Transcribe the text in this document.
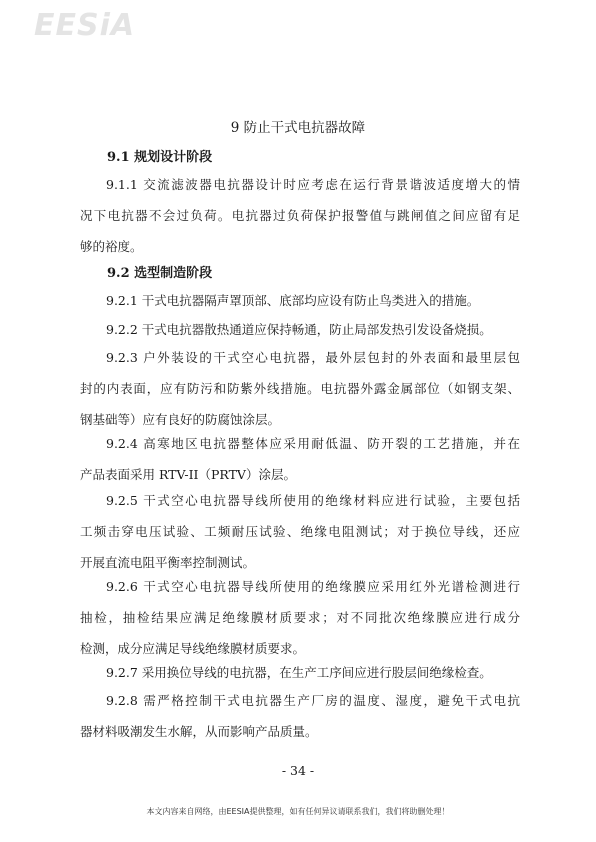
EESiA
9 防止干式电抗器故障
9.1 规划设计阶段
9.1.1 交流滤波器电抗器设计时应考虑在运行背景谐波适度增大的情
况下电抗器不会过负荷。电抗器过负荷保护报警值与跳闸值之间应留有足
够的裕度。
9.2 选型制造阶段
9.2.1 干式电抗器隔声罩顶部、底部均应设有防止鸟类进入的措施。
9.2.2 干式电抗器散热通道应保持畅通，防止局部发热引发设备烧损。
9.2.3 户外装设的干式空心电抗器，最外层包封的外表面和最里层包
封的内表面，应有防污和防紫外线措施。电抗器外露金属部位（如钢支架、
钢基础等）应有良好的防腐蚀涂层。
9.2.4 高寒地区电抗器整体应采用耐低温、防开裂的工艺措施，并在
产品表面采用 RTV-II（PRTV）涂层。
9.2.5 干式空心电抗器导线所使用的绝缘材料应进行试验，主要包括
工频击穿电压试验、工频耐压试验、绝缘电阻测试；对于换位导线，还应
开展直流电阻平衡率控制测试。
9.2.6 干式空心电抗器导线所使用的绝缘膜应采用红外光谱检测进行
抽检，抽检结果应满足绝缘膜材质要求；对不同批次绝缘膜应进行成分
检测，成分应满足导线绝缘膜材质要求。
9.2.7 采用换位导线的电抗器，在生产工序间应进行股层间绝缘检查。
9.2.8 需严格控制干式电抗器生产厂房的温度、湿度，避免干式电抗
器材料吸潮发生水解，从而影响产品质量。
- 34 -
本文内容来自网络，由EESIA提供整理，如有任何异议请联系我们，我们将助删处理！
